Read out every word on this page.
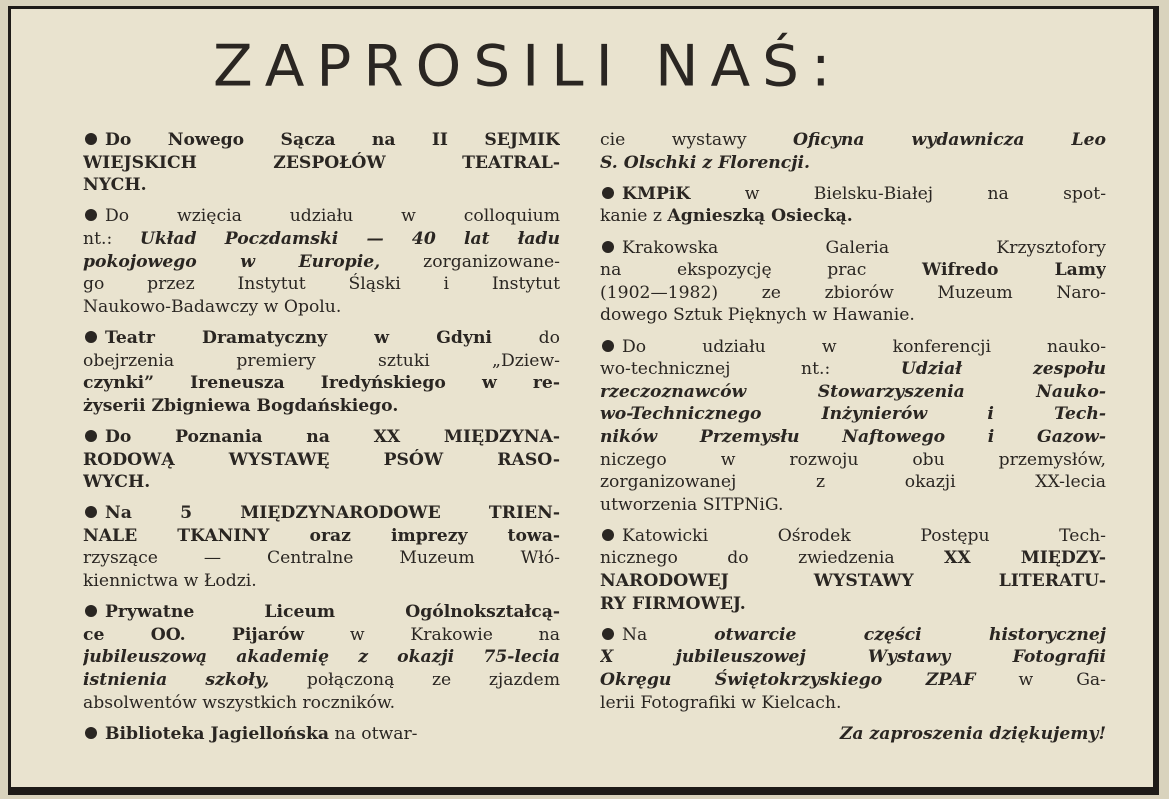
ZAPROSILI NAŚ:
Do Nowego Sącza na II SEJMIK
WIEJSKICH ZESPOŁÓW TEATRAL-
NYCH.
Do wzięcia udziału w colloquium
nt.: Układ Poczdamski — 40 lat ładu
pokojowego w Europie, zorganizowane-
go przez Instytut Śląski i Instytut
Naukowo-Badawczy w Opolu.
Teatr Dramatyczny w Gdyni do
obejrzenia premiery sztuki „Dziew-
czynki” Ireneusza Iredyńskiego w re-
żyserii Zbigniewa Bogdańskiego.
Do Poznania na XX MIĘDZYNA-
RODOWĄ WYSTAWĘ PSÓW RASO-
WYCH.
Na 5 MIĘDZYNARODOWE TRIEN-
NALE TKANINY oraz imprezy towa-
rzyszące — Centralne Muzeum Włó-
kiennictwa w Łodzi.
Prywatne Liceum Ogólnokształcą-
ce OO. Pijarów w Krakowie na
jubileuszową akademię z okazji 75-lecia
istnienia szkoły, połączoną ze zjazdem
absolwentów wszystkich roczników.
Biblioteka Jagiellońska na otwar-
cie wystawy Oficyna wydawnicza Leo
S. Olschki z Florencji.
KMPiK w Bielsku-Białej na spot-
kanie z Agnieszką Osiecką.
Krakowska Galeria Krzysztofory
na ekspozycję prac Wifredo Lamy
(1902—1982) ze zbiorów Muzeum Naro-
dowego Sztuk Pięknych w Hawanie.
Do udziału w konferencji nauko-
wo-technicznej nt.: Udział zespołu
rzeczoznawców Stowarzyszenia Nauko-
wo-Technicznego Inżynierów i Tech-
ników Przemysłu Naftowego i Gazow-
niczego w rozwoju obu przemysłów,
zorganizowanej z okazji XX-lecia
utworzenia SITPNiG.
Katowicki Ośrodek Postępu Tech-
nicznego do zwiedzenia XX MIĘDZY-
NARODOWEJ WYSTAWY LITERATU-
RY FIRMOWEJ.
Na otwarcie części historycznej
X jubileuszowej Wystawy Fotografii
Okręgu Świętokrzyskiego ZPAF w Ga-
lerii Fotografiki w Kielcach.
Za zaproszenia dziękujemy!
